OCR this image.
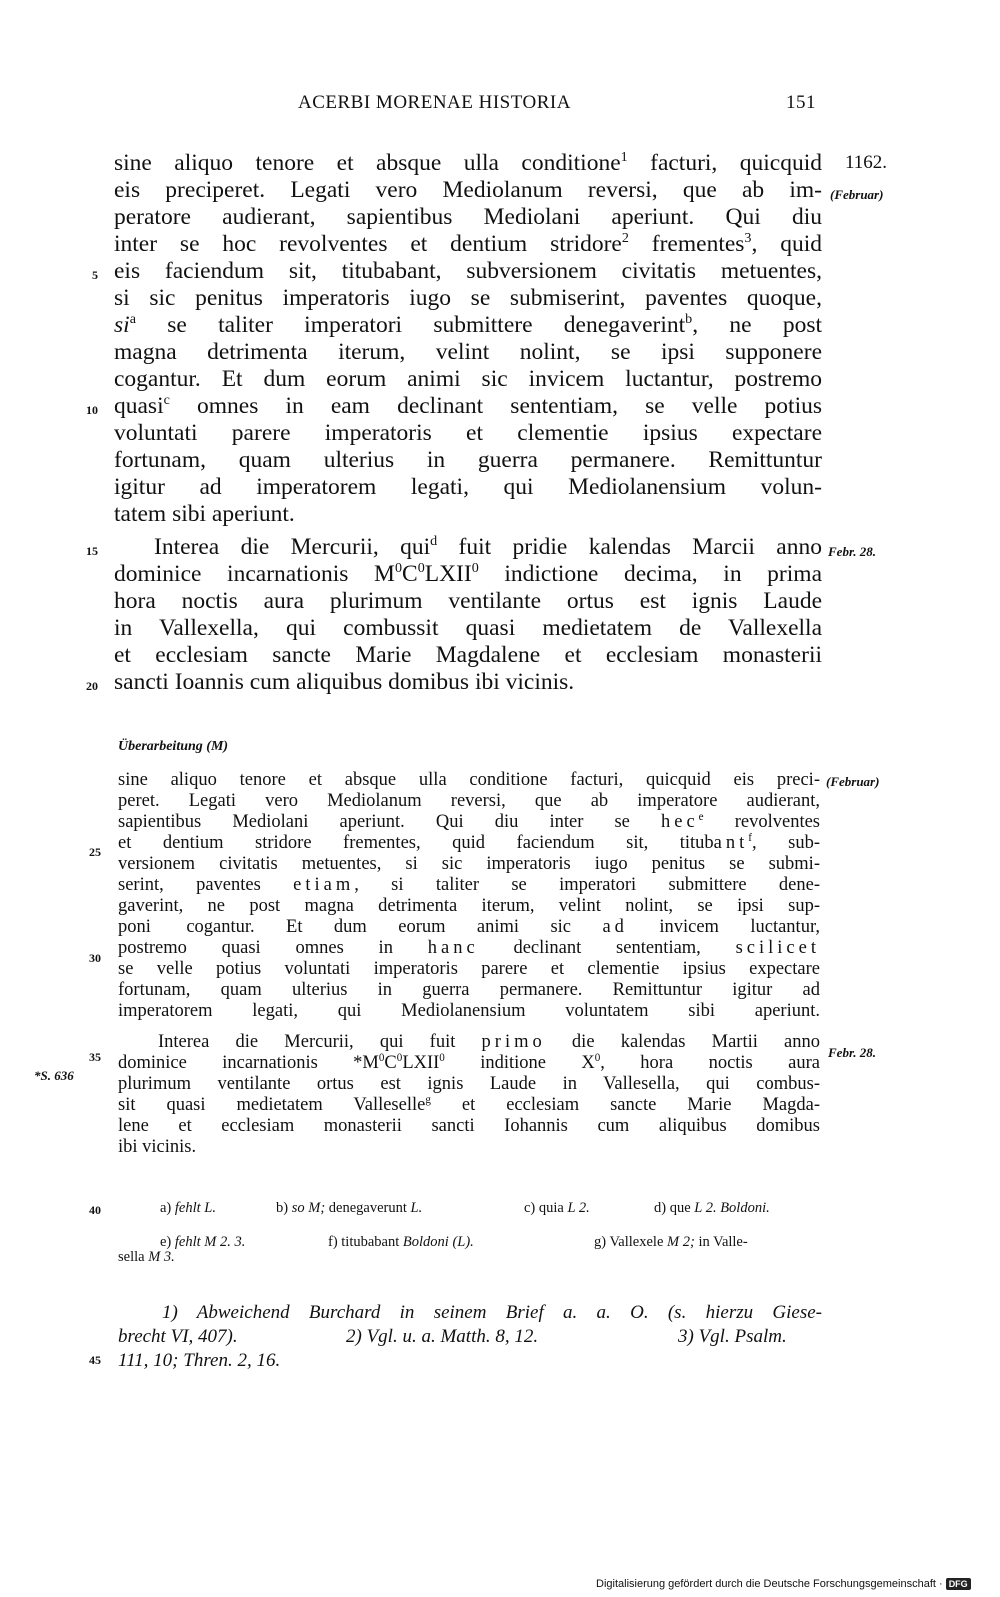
ACERBI MORENAE HISTORIA	151
sine aliquo tenore et absque ulla conditione$^1$ facturi, quicquid
eis preciperet. Legati vero Mediolanum reversi, que ab im-
peratore audierant, sapientibus Mediolani aperiunt. Qui diu
inter se hoc revolventes et dentium stridore$^2$ frementes$^3$, quid
eis faciendum sit, titubabant, subversionem civitatis metuentes,
si sic penitus imperatoris iugo se submiserint, paventes quoque,
$si^a$ se taliter imperatori submittere denegaverint$^b$, ne post
magna detrimenta iterum, velint nolint, se ipsi supponere
cogantur. Et dum eorum animi sic invicem luctantur, postremo
quasi$^c$ omnes in eam declinant sententiam, se velle potius
voluntati parere imperatoris et clementie ipsius expectare
fortunam, quam ulterius in guerra permanere. Remittuntur
igitur ad imperatorem legati, qui Mediolanensium volun-
tatem sibi aperiunt.
Interea die Mercurii, qui$^d$ fuit pridie kalendas Marcii anno
dominice incarnationis $M^0C^0LXII^0$ indictione decima, in prima
hora noctis aura plurimum ventilante ortus est ignis Laude
in Vallexella, qui combussit quasi medietatem de Vallexella
et ecclesiam sancte Marie Magdalene et ecclesiam monasterii
sancti Ioannis cum aliquibus domibus ibi vicinis.
5
10
15
20
25
30
35
40
45
1162.
(Februar)
Febr. 28.
(Februar)
Febr. 28.
*S. 636
Überarbeitung (M)
sine aliquo tenore et absque ulla conditione facturi, quicquid eis preci-
peret. Legati vero Mediolanum reversi, que ab imperatore audierant,
sapientibus Mediolani aperiunt. Qui diu inter se hec$^e$ revolventes
et dentium stridore frementes, quid faciendum sit, titubant$^f$, sub-
versionem civitatis metuentes, si sic imperatoris iugo penitus se submi-
serint, paventes etiam, si taliter se imperatori submittere dene-
gaverint, ne post magna detrimenta iterum, velint nolint, se ipsi sup-
poni cogantur. Et dum eorum animi sic ad invicem luctantur,
postremo quasi omnes in hanc declinant sententiam, scilicet
se velle potius voluntati imperatoris parere et clementie ipsius expectare
fortunam, quam ulterius in guerra permanere. Remittuntur igitur ad
imperatorem legati, qui Mediolanensium voluntatem sibi aperiunt.
Interea die Mercurii, qui fuit primo die kalendas Martii anno
dominice incarnationis $*M^0C^0LXII^0$ inditione $X^0$, hora noctis aura
plurimum ventilante ortus est ignis Laude in Vallesella, qui combus-
sit quasi medietatem Valleselle$^g$ et ecclesiam sancte Marie Magda-
lene et ecclesiam monasterii sancti Iohannis cum aliquibus domibus
ibi vicinis.
a) fehlt L.	b) so M; denegaverunt L.	c) quia L 2.	d) que L 2. Boldoni.
e) fehlt M 2. 3.	f) titubabant Boldoni (L).	g) Vallexele M 2; in Valle-
sella M 3.
1) Abweichend Burchard in seinem Brief a. a. O. (s. hierzu Giese-
brecht VI, 407).	2) Vgl. u. a. Matth. 8, 12.	3) Vgl. Psalm.
111, 10; Thren. 2, 16.
Digitalisierung gefördert durch die Deutsche Forschungsgemeinschaft · DFG
